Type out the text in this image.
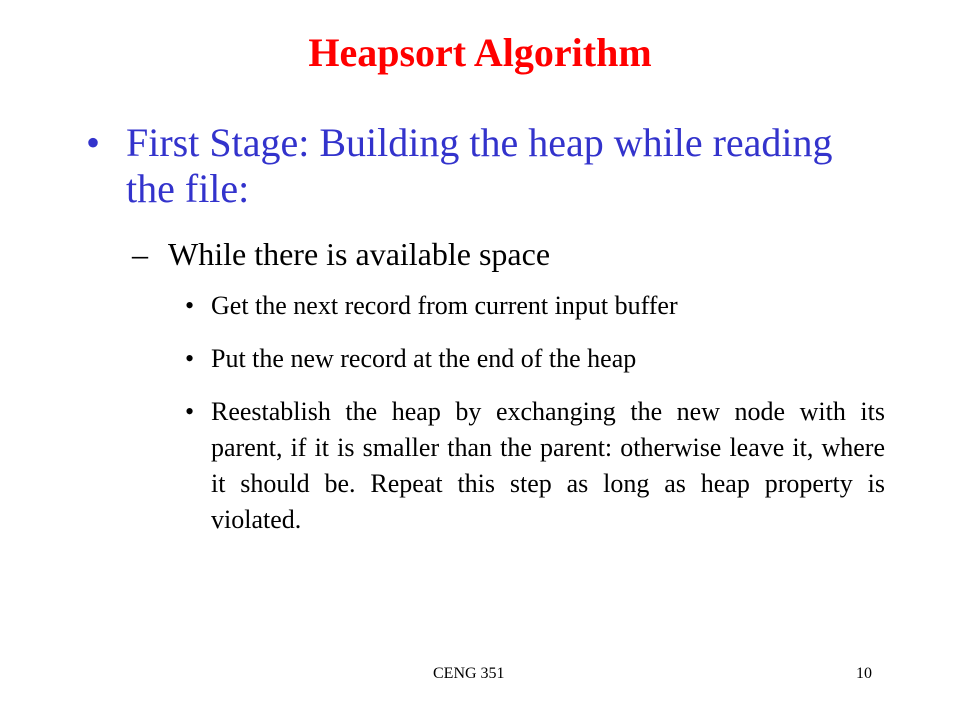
Heapsort Algorithm
• First Stage: Building the heap while reading the file:
– While there is available space
• Get the next record from current input buffer
• Put the new record at the end of the heap
• Reestablish the heap by exchanging the new node with its parent, if it is smaller than the parent: otherwise leave it, where it should be. Repeat this step as long as heap property is violated.
CENG 351	10
